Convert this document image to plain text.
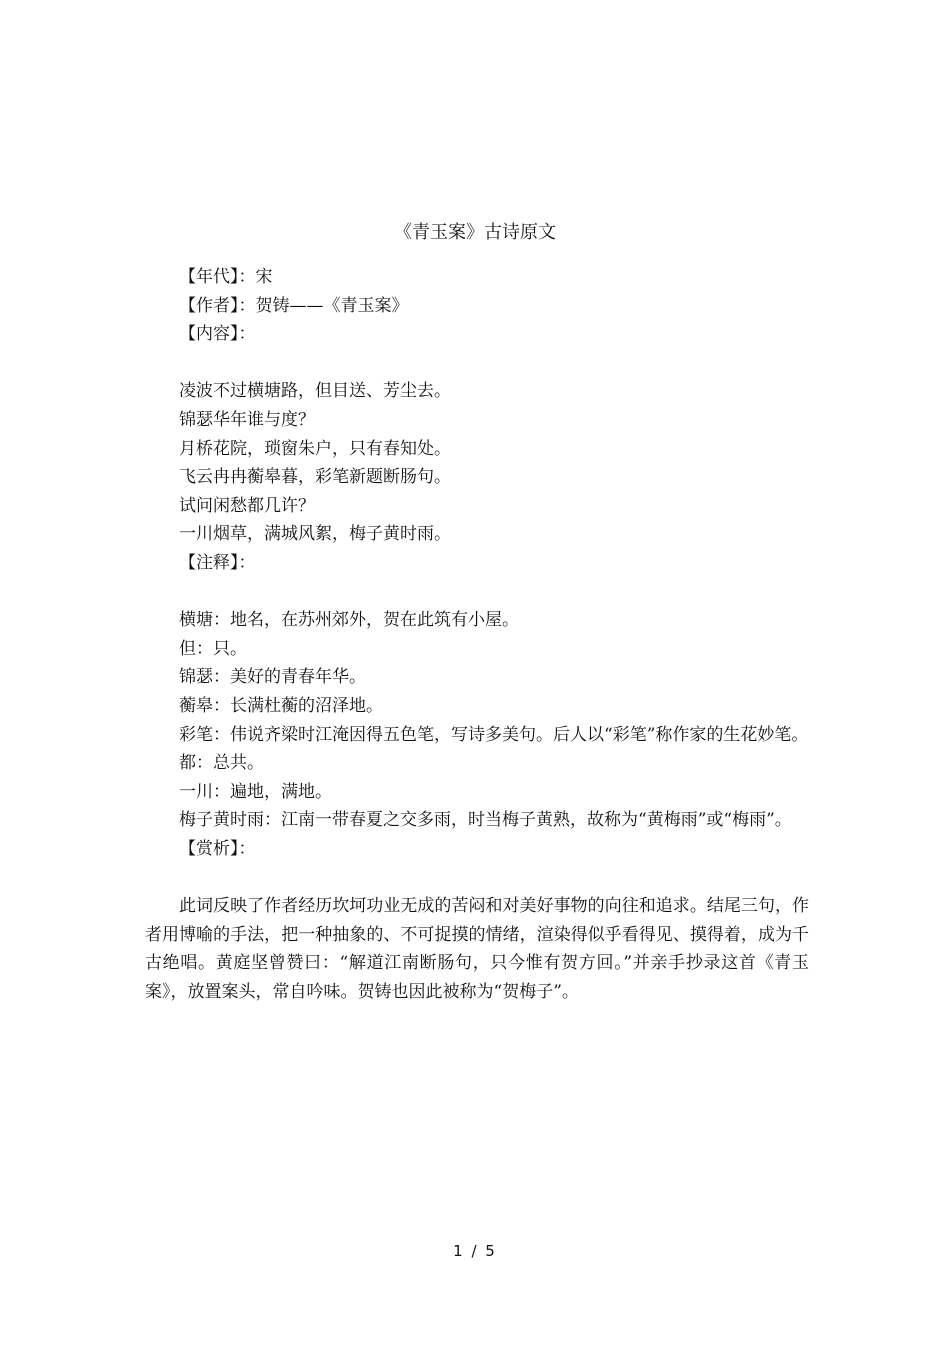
《青玉案》古诗原文

【年代】：宋

【作者】：贺铸——《青玉案》

【内容】：

凌波不过横塘路，但目送、芳尘去。

锦瑟华年谁与度？

月桥花院，琐窗朱户，只有春知处。

飞云冉冉蘅皋暮，彩笔新题断肠句。

试问闲愁都几许？

一川烟草，满城风絮，梅子黄时雨。

【注释】：

横塘：地名，在苏州郊外，贺在此筑有小屋。

但：只。

锦瑟：美好的青春年华。

蘅皋：长满杜蘅的沼泽地。

彩笔：伟说齐梁时江淹因得五色笔，写诗多美句。后人以“彩笔”称作家的生花妙笔。

都：总共。

一川：遍地，满地。

梅子黄时雨：江南一带春夏之交多雨，时当梅子黄熟，故称为“黄梅雨”或“梅雨”。

【赏析】：

此词反映了作者经历坎坷功业无成的苦闷和对美好事物的向往和追求。结尾三句，作者用博喻的手法，把一种抽象的、不可捉摸的情绪，渲染得似乎看得见、摸得着，成为千古绝唱。黄庭坚曾赞曰：“解道江南断肠句，只今惟有贺方回。”并亲手抄录这首《青玉案》，放置案头，常自吟味。贺铸也因此被称为“贺梅子”。

1 / 5
